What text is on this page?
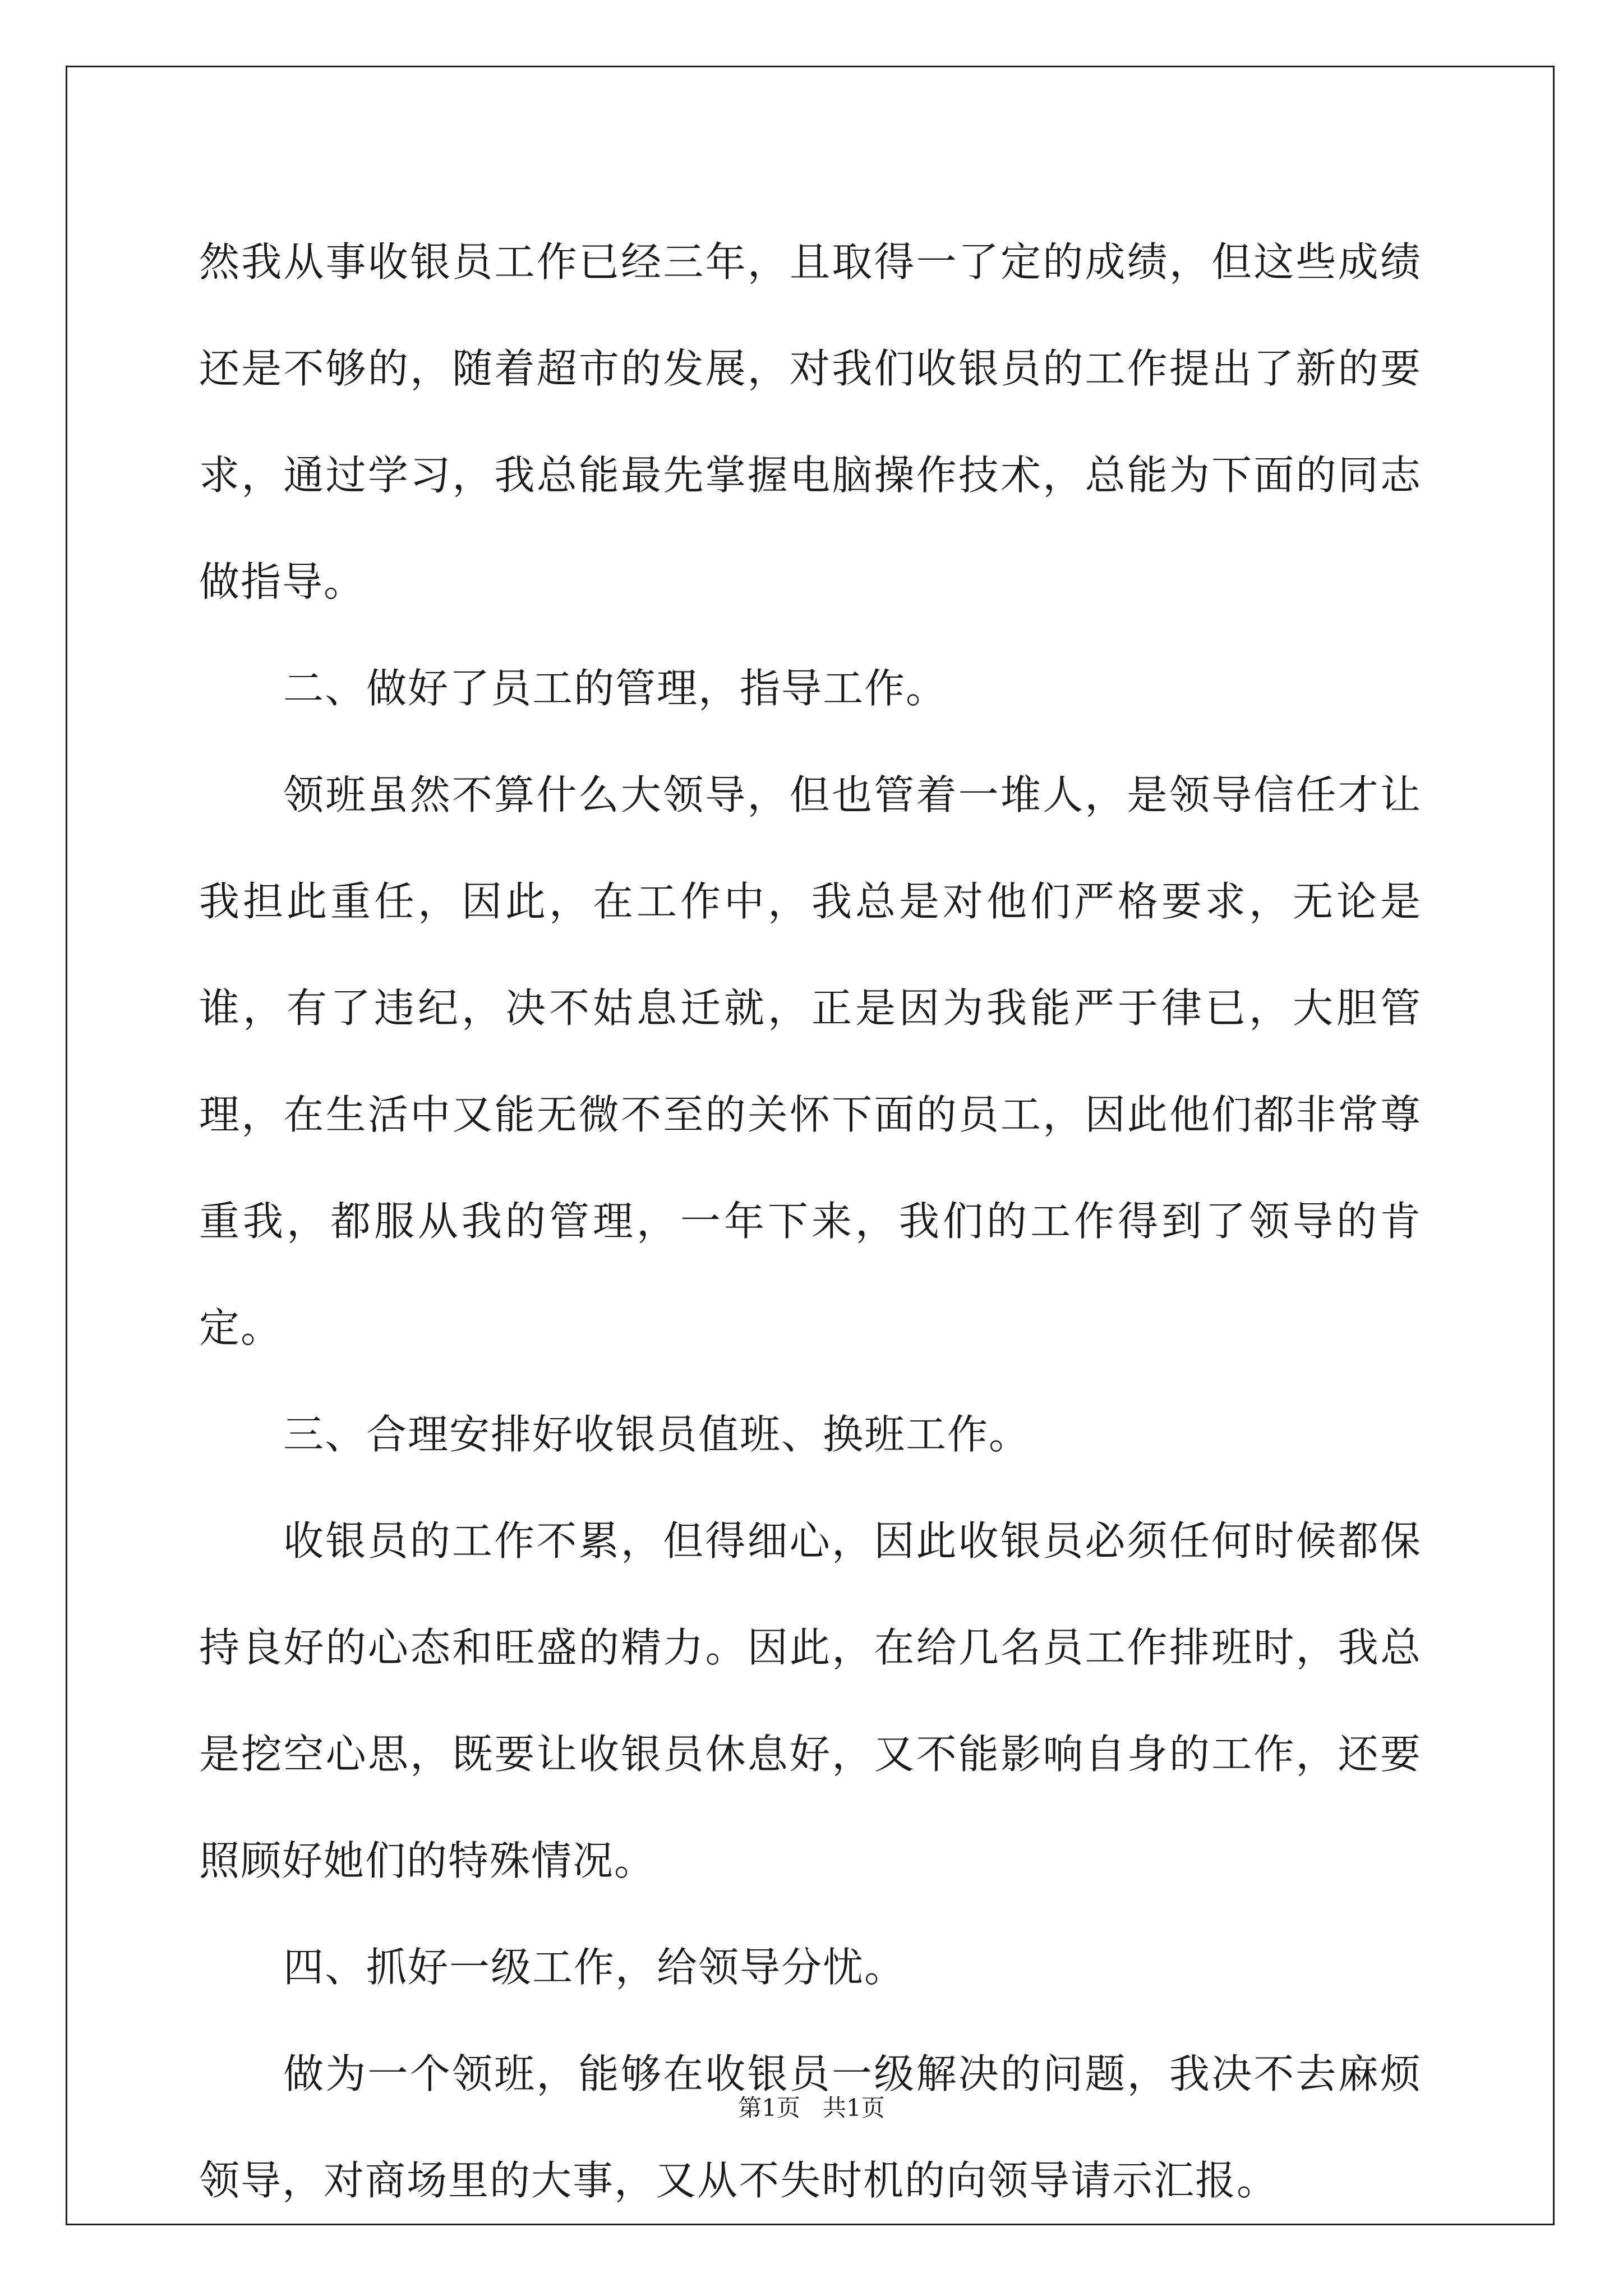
然我从事收银员工作已经三年，且取得一了定的成绩，但这些成绩还是不够的，随着超市的发展，对我们收银员的工作提出了新的要求，通过学习，我总能最先掌握电脑操作技术，总能为下面的同志做指导。

二、做好了员工的管理，指导工作。

领班虽然不算什么大领导，但也管着一堆人，是领导信任才让我担此重任，因此，在工作中，我总是对他们严格要求，无论是谁，有了违纪，决不姑息迁就，正是因为我能严于律已，大胆管理，在生活中又能无微不至的关怀下面的员工，因此他们都非常尊重我，都服从我的管理，一年下来，我们的工作得到了领导的肯定。

三、合理安排好收银员值班、换班工作。

收银员的工作不累，但得细心，因此收银员必须任何时候都保持良好的心态和旺盛的精力。因此，在给几名员工作排班时，我总是挖空心思，既要让收银员休息好，又不能影响自身的工作，还要照顾好她们的特殊情况。

四、抓好一级工作，给领导分忧。

做为一个领班，能够在收银员一级解决的问题，我决不去麻烦领导，对商场里的大事，又从不失时机的向领导请示汇报。

第1页   共1页
